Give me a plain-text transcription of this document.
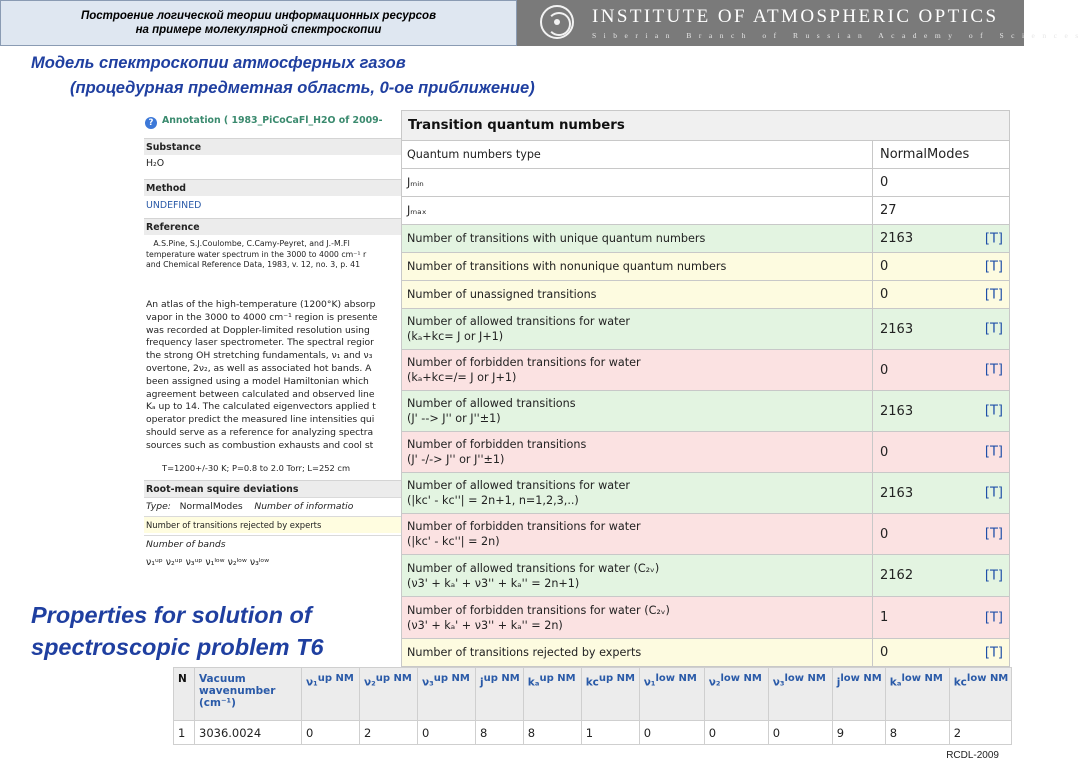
Построение логической теории информационных ресурсов
на примере молекулярной спектроскопии
INSTITUTE OF ATMOSPHERIC OPTICS
Siberian Branch of Russian Academy of Sciences
Модель спектроскопии атмосферных газов
(процедурная предметная область, 0-ое приближение)
? Annotation ( 1983_PiCoCaFl_H2O of 2009-
Substance
H₂O
Method
UNDEFINED
Reference
A.S.Pine, S.J.Coulombe, C.Camy-Peyret, and J.-M.Fl
temperature water spectrum in the 3000 to 4000 cm⁻¹ r
and Chemical Reference Data, 1983, v. 12, no. 3, p. 41
An atlas of the high-temperature (1200°K) absorp
vapor in the 3000 to 4000 cm⁻¹ region is presente
was recorded at Doppler-limited resolution using
frequency laser spectrometer. The spectral regior
the strong OH stretching fundamentals, ν₁ and ν₃
overtone, 2ν₂, as well as associated hot bands. A
been assigned using a model Hamiltonian which
agreement between calculated and observed line
Kₐ up to 14. The calculated eigenvectors applied t
operator predict the measured line intensities qui
should serve as a reference for analyzing spectra
sources such as combustion exhausts and cool st
T=1200+/-30 K; P=0.8 to 2.0 Torr; L=252 cm
Root-mean squire deviations
Type: NormalModes Number of informatio
Number of transitions rejected by experts
Number of bands
ν₁ᵘᵖ ν₂ᵘᵖ ν₃ᵘᵖ ν₁ˡᵒʷ ν₂ˡᵒʷ ν₃ˡᵒʷ
Transition quantum numbers
Quantum numbers type	NormalModes
Jₘᵢₙ	0
Jₘₐₓ	27
Number of transitions with unique quantum numbers	2163	[T]
Number of transitions with nonunique quantum numbers	0	[T]
Number of unassigned transitions	0	[T]
Number of allowed transitions for water
(kₐ+kc= J or J+1)	2163	[T]
Number of forbidden transitions for water
(kₐ+kc=/= J or J+1)	0	[T]
Number of allowed transitions
(J' --> J'' or J''±1)	2163	[T]
Number of forbidden transitions
(J' -/-> J'' or J''±1)	0	[T]
Number of allowed transitions for water
(|kc' - kc''| = 2n+1, n=1,2,3,..)	2163	[T]
Number of forbidden transitions for water
(|kc' - kc''| = 2n)	0	[T]
Number of allowed transitions for water (C₂ᵥ)
(ν3' + kₐ' + ν3'' + kₐ'' = 2n+1)	2162	[T]
Number of forbidden transitions for water (C₂ᵥ)
(ν3' + kₐ' + ν3'' + kₐ'' = 2n)	1	[T]
Number of transitions rejected by experts	0	[T]
Properties for solution of
spectroscopic problem T6
N	Vacuum
wavenumber
(cm⁻¹)	ν₁$^{up NM}$	ν₂$^{up NM}$	ν₃$^{up NM}$	$j^{up NM}$	kₐ$^{up NM}$	$kc^{up NM}$	ν₁$^{low NM}$	ν₂$^{low NM}$	ν₃$^{low NM}$	$j^{low NM}$	kₐ$^{low NM}$	$kc^{low NM}$
1	3036.0024	0	2	0	8	8	1	0	0	0	9	8	2
RCDL-2009
